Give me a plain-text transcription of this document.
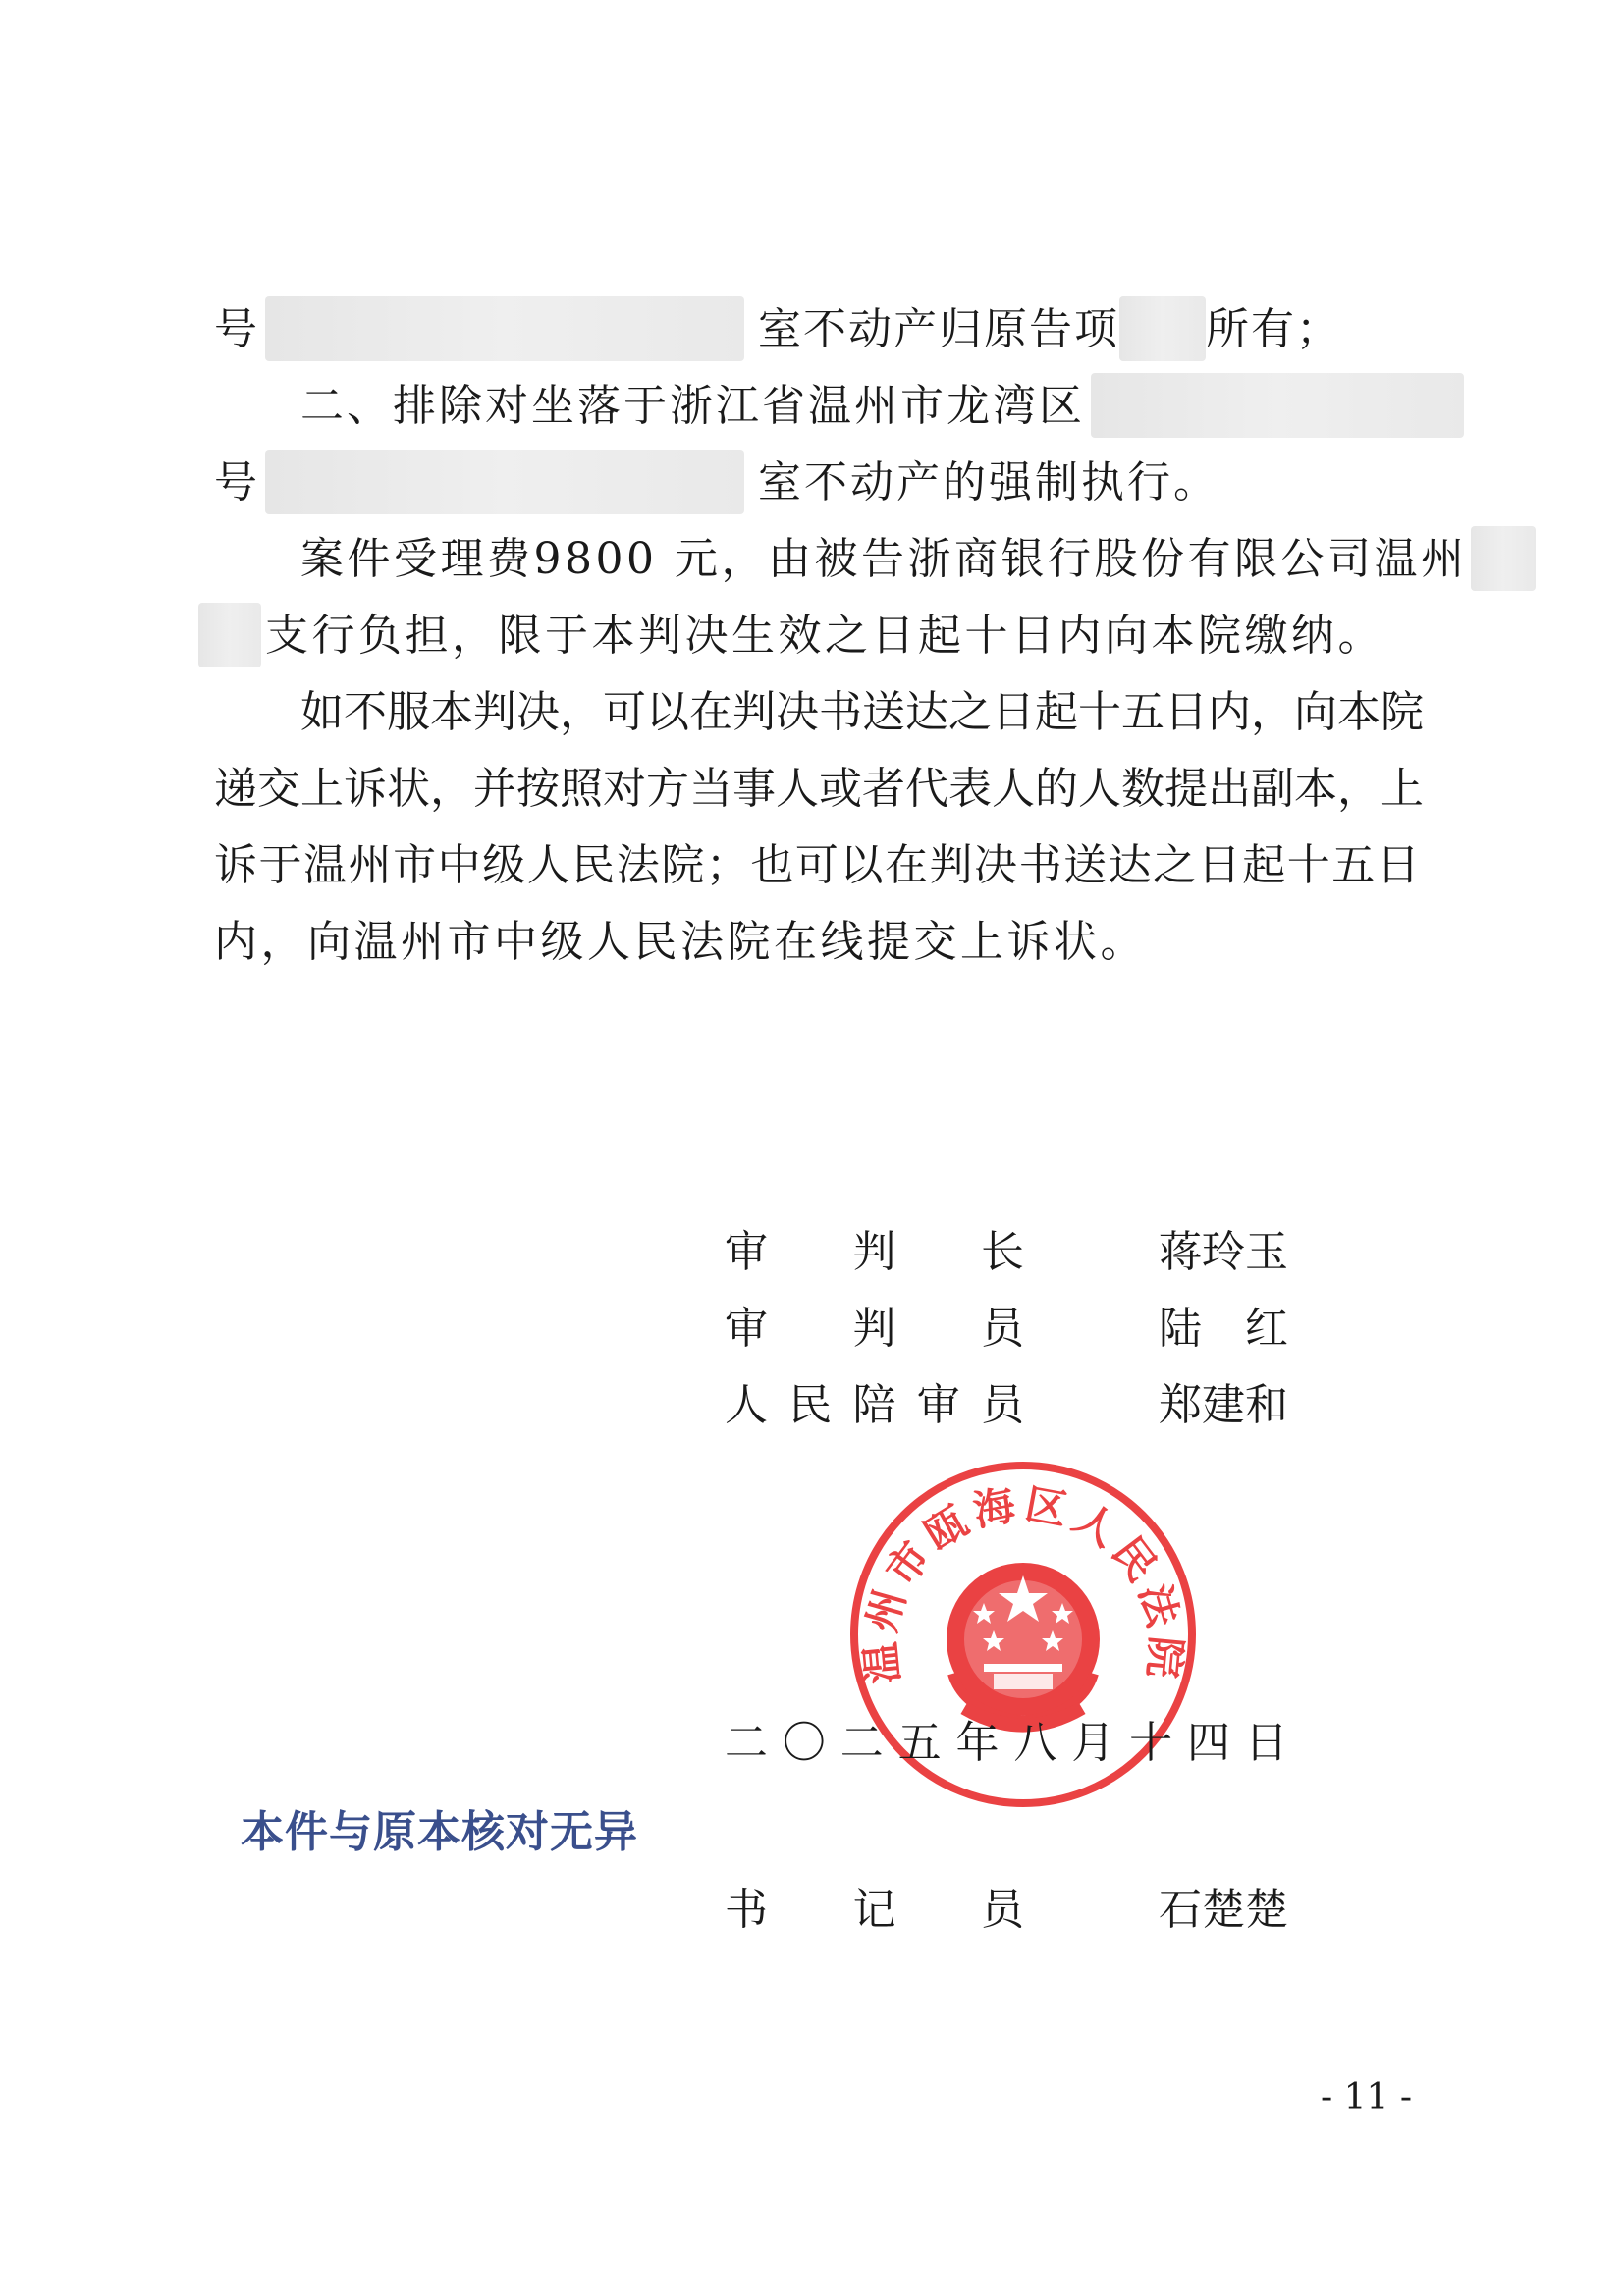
号	室不动产归原告项 所有；
二、排除对坐落于浙江省温州市龙湾区
号	室不动产的强制执行。
案件受理费9800 元，由被告浙商银行股份有限公司温州
支行负担，限于本判决生效之日起十日内向本院缴纳。
如 不 服 本 判 决 ， 可 以 在 判 决 书 送 达 之 日 起 十 五 日 内 ， 向 本 院
递 交 上 诉 状 ， 并 按 照 对 方 当 事 人 或 者 代 表 人 的 人 数 提 出 副 本 ， 上
诉 于 温 州 市 中 级 人 民 法 院 ； 也 可 以 在 判 决 书 送 达 之 日 起 十 五 日
内，向温州市中级人民法院在线提交上诉状。
温州市瓯海区人民法院
审 判 长	蒋 玲 玉
审 判 员	陆 红
人 民 陪 审 员	郑 建 和
二 〇 二 五 年 八 月 十 四 日
书 记 员	石 楚 楚
本件与原本核对无异
- 11 -
